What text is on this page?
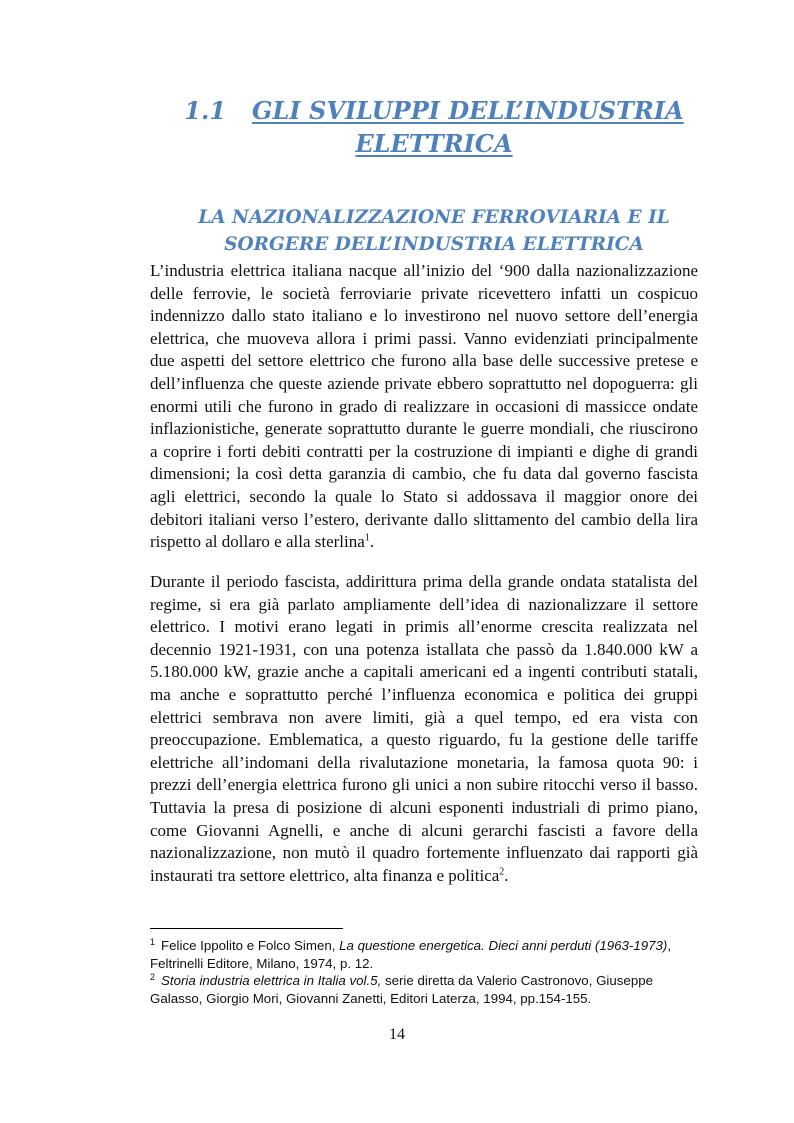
1.1 GLI SVILUPPI DELL’INDUSTRIA ELETTRICA
LA NAZIONALIZZAZIONE FERROVIARIA E IL SORGERE DELL’INDUSTRIA ELETTRICA

L’industria elettrica italiana nacque all’inizio del ‘900 dalla nazionalizzazione delle ferrovie, le società ferroviarie private ricevettero infatti un cospicuo indennizzo dallo stato italiano e lo investirono nel nuovo settore dell’energia elettrica, che muoveva allora i primi passi. Vanno evidenziati principalmente due aspetti del settore elettrico che furono alla base delle successive pretese e dell’influenza che queste aziende private ebbero soprattutto nel dopoguerra: gli enormi utili che furono in grado di realizzare in occasioni di massicce ondate inflazionistiche, generate soprattutto durante le guerre mondiali, che riuscirono a coprire i forti debiti contratti per la costruzione di impianti e dighe di grandi dimensioni; la così detta garanzia di cambio, che fu data dal governo fascista agli elettrici, secondo la quale lo Stato si addossava il maggior onore dei debitori italiani verso l’estero, derivante dallo slittamento del cambio della lira rispetto al dollaro e alla sterlina$^1$.

Durante il periodo fascista, addirittura prima della grande ondata statalista del regime, si era già parlato ampliamente dell’idea di nazionalizzare il settore elettrico. I motivi erano legati in primis all’enorme crescita realizzata nel decennio 1921-1931, con una potenza istallata che passò da 1.840.000 kW a 5.180.000 kW, grazie anche a capitali americani ed a ingenti contributi statali, ma anche e soprattutto perché l’influenza economica e politica dei gruppi elettrici sembrava non avere limiti, già a quel tempo, ed era vista con preoccupazione. Emblematica, a questo riguardo, fu la gestione delle tariffe elettriche all’indomani della rivalutazione monetaria, la famosa quota 90: i prezzi dell’energia elettrica furono gli unici a non subire ritocchi verso il basso. Tuttavia la presa di posizione di alcuni esponenti industriali di primo piano, come Giovanni Agnelli, e anche di alcuni gerarchi fascisti a favore della nazionalizzazione, non mutò il quadro fortemente influenzato dai rapporti già instaurati tra settore elettrico, alta finanza e politica$^2$.

$^1$ Felice Ippolito e Folco Simen, La questione energetica. Dieci anni perduti (1963-1973), Feltrinelli Editore, Milano, 1974, p. 12.

$^2$ Storia industria elettrica in Italia vol.5, serie diretta da Valerio Castronovo, Giuseppe Galasso, Giorgio Mori, Giovanni Zanetti, Editori Laterza, 1994, pp.154-155.

14
